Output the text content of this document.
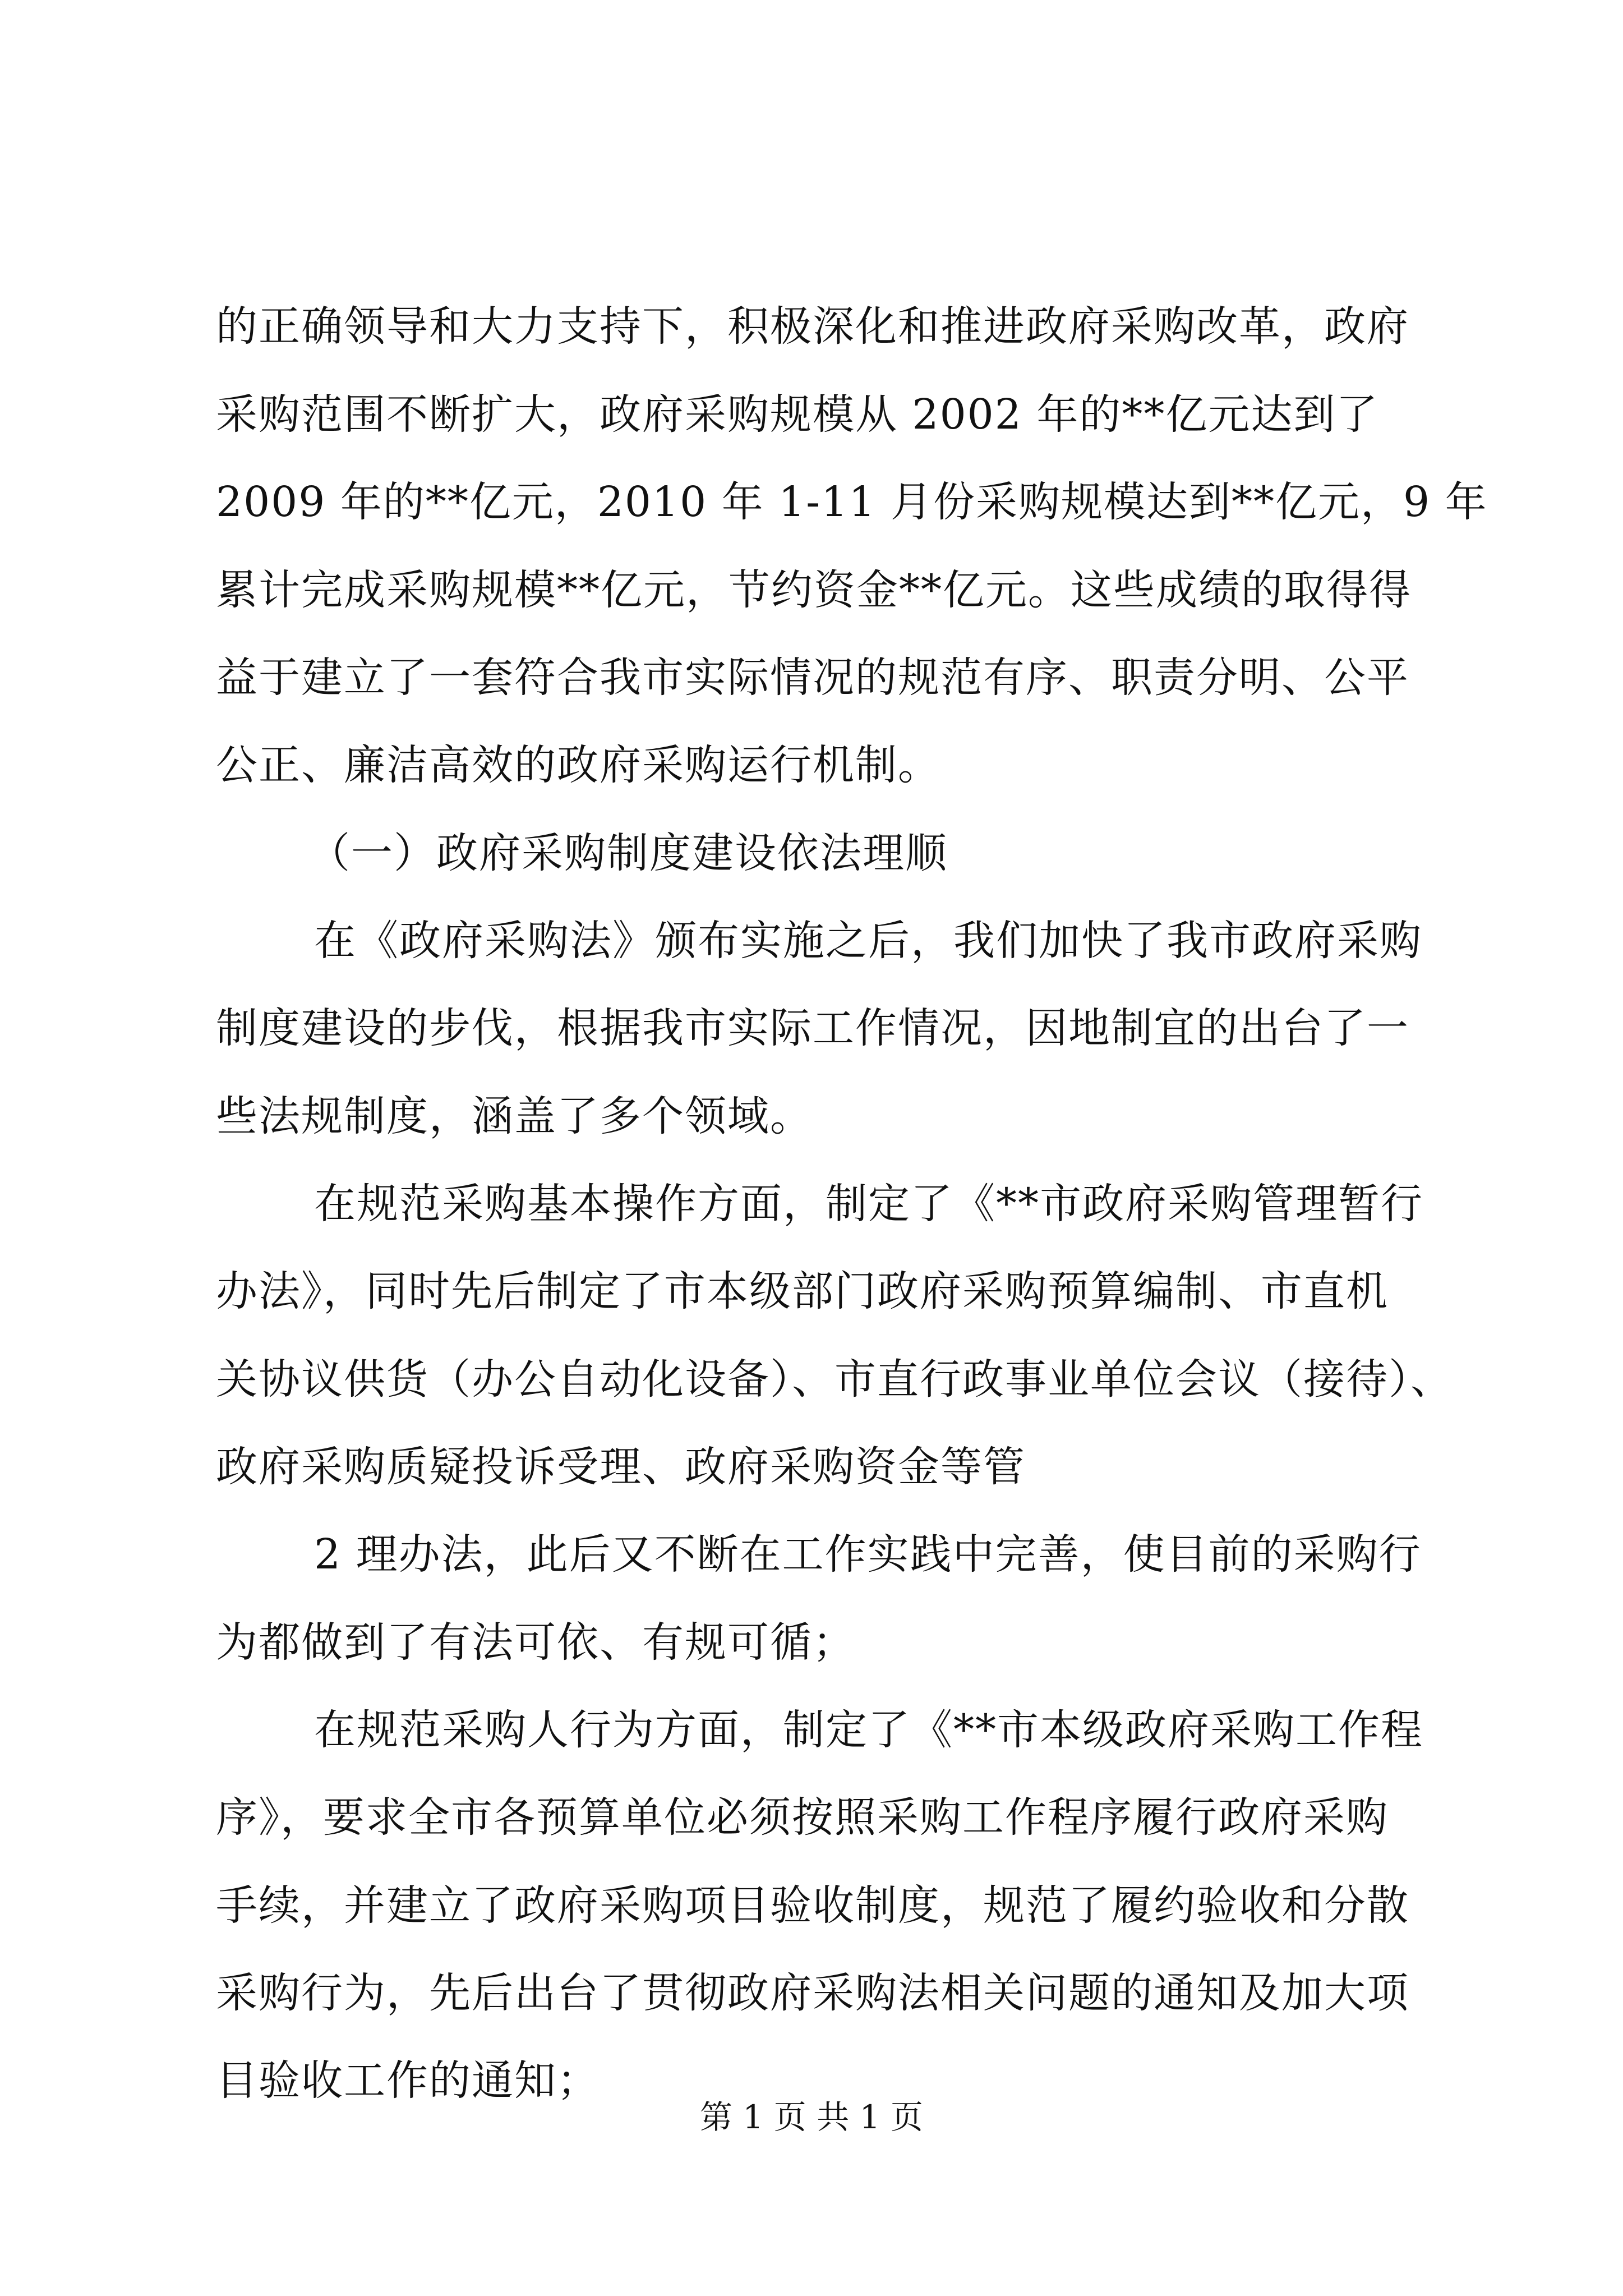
的正确领导和大力支持下，积极深化和推进政府采购改革，政府
采购范围不断扩大，政府采购规模从 2002 年的**亿元达到了
2009 年的**亿元，2010 年 1-11 月份采购规模达到**亿元，9 年
累计完成采购规模**亿元，节约资金**亿元。这些成绩的取得得
益于建立了一套符合我市实际情况的规范有序、职责分明、公平
公正、廉洁高效的政府采购运行机制。
（一）政府采购制度建设依法理顺
在《政府采购法》颁布实施之后，我们加快了我市政府采购
制度建设的步伐，根据我市实际工作情况，因地制宜的出台了一
些法规制度，涵盖了多个领域。
在规范采购基本操作方面，制定了《**市政府采购管理暂行
办法》，同时先后制定了市本级部门政府采购预算编制、市直机
关协议供货（办公自动化设备）、市直行政事业单位会议（接待）、
政府采购质疑投诉受理、政府采购资金等管
2 理办法，此后又不断在工作实践中完善，使目前的采购行
为都做到了有法可依、有规可循；
在规范采购人行为方面，制定了《**市本级政府采购工作程
序》，要求全市各预算单位必须按照采购工作程序履行政府采购
手续，并建立了政府采购项目验收制度，规范了履约验收和分散
采购行为，先后出台了贯彻政府采购法相关问题的通知及加大项
目验收工作的通知；
第 1 页 共 1 页
